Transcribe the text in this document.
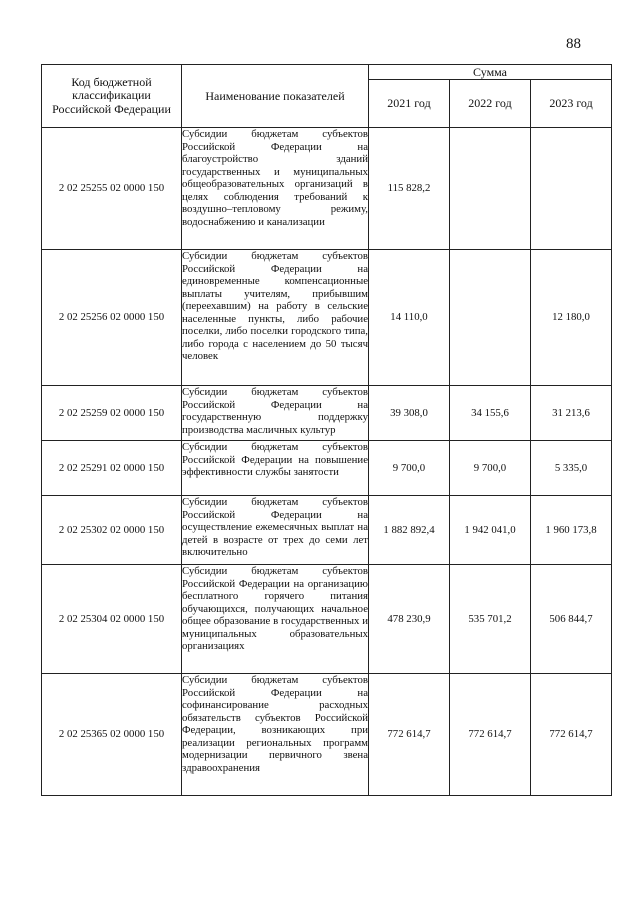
88
Код бюджетной классификации Российской Федерации	Наименование показателей	Сумма		
		2021 год	2022 год	2023 год
2 02 25255 02 0000 150	Субсидии бюджетам субъектов Российской Федерации на благоустройство зданий государственных и муниципальных общеобразовательных организаций в целях соблюдения требований к воздушно–тепловому режиму, водоснабжению и канализации	115 828,2		
2 02 25256 02 0000 150	Субсидии бюджетам субъектов Российской Федерации на единовременные компенсационные выплаты учителям, прибывшим (переехавшим) на работу в сельские населенные пункты, либо рабочие поселки, либо поселки городского типа, либо города с населением до 50 тысяч человек	14 110,0		12 180,0
2 02 25259 02 0000 150	Субсидии бюджетам субъектов Российской Федерации на государственную поддержку производства масличных культур	39 308,0	34 155,6	31 213,6
2 02 25291 02 0000 150	Субсидии бюджетам субъектов Российской Федерации на повышение эффективности службы занятости	9 700,0	9 700,0	5 335,0
2 02 25302 02 0000 150	Субсидии бюджетам субъектов Российской Федерации на осуществление ежемесячных выплат на детей в возрасте от трех до семи лет включительно	1 882 892,4	1 942 041,0	1 960 173,8
2 02 25304 02 0000 150	Субсидии бюджетам субъектов Российской Федерации на организацию бесплатного горячего питания обучающихся, получающих начальное общее образование в государственных и муниципальных образовательных организациях	478 230,9	535 701,2	506 844,7
2 02 25365 02 0000 150	Субсидии бюджетам субъектов Российской Федерации на софинансирование расходных обязательств субъектов Российской Федерации, возникающих при реализации региональных программ модернизации первичного звена здравоохранения	772 614,7	772 614,7	772 614,7
